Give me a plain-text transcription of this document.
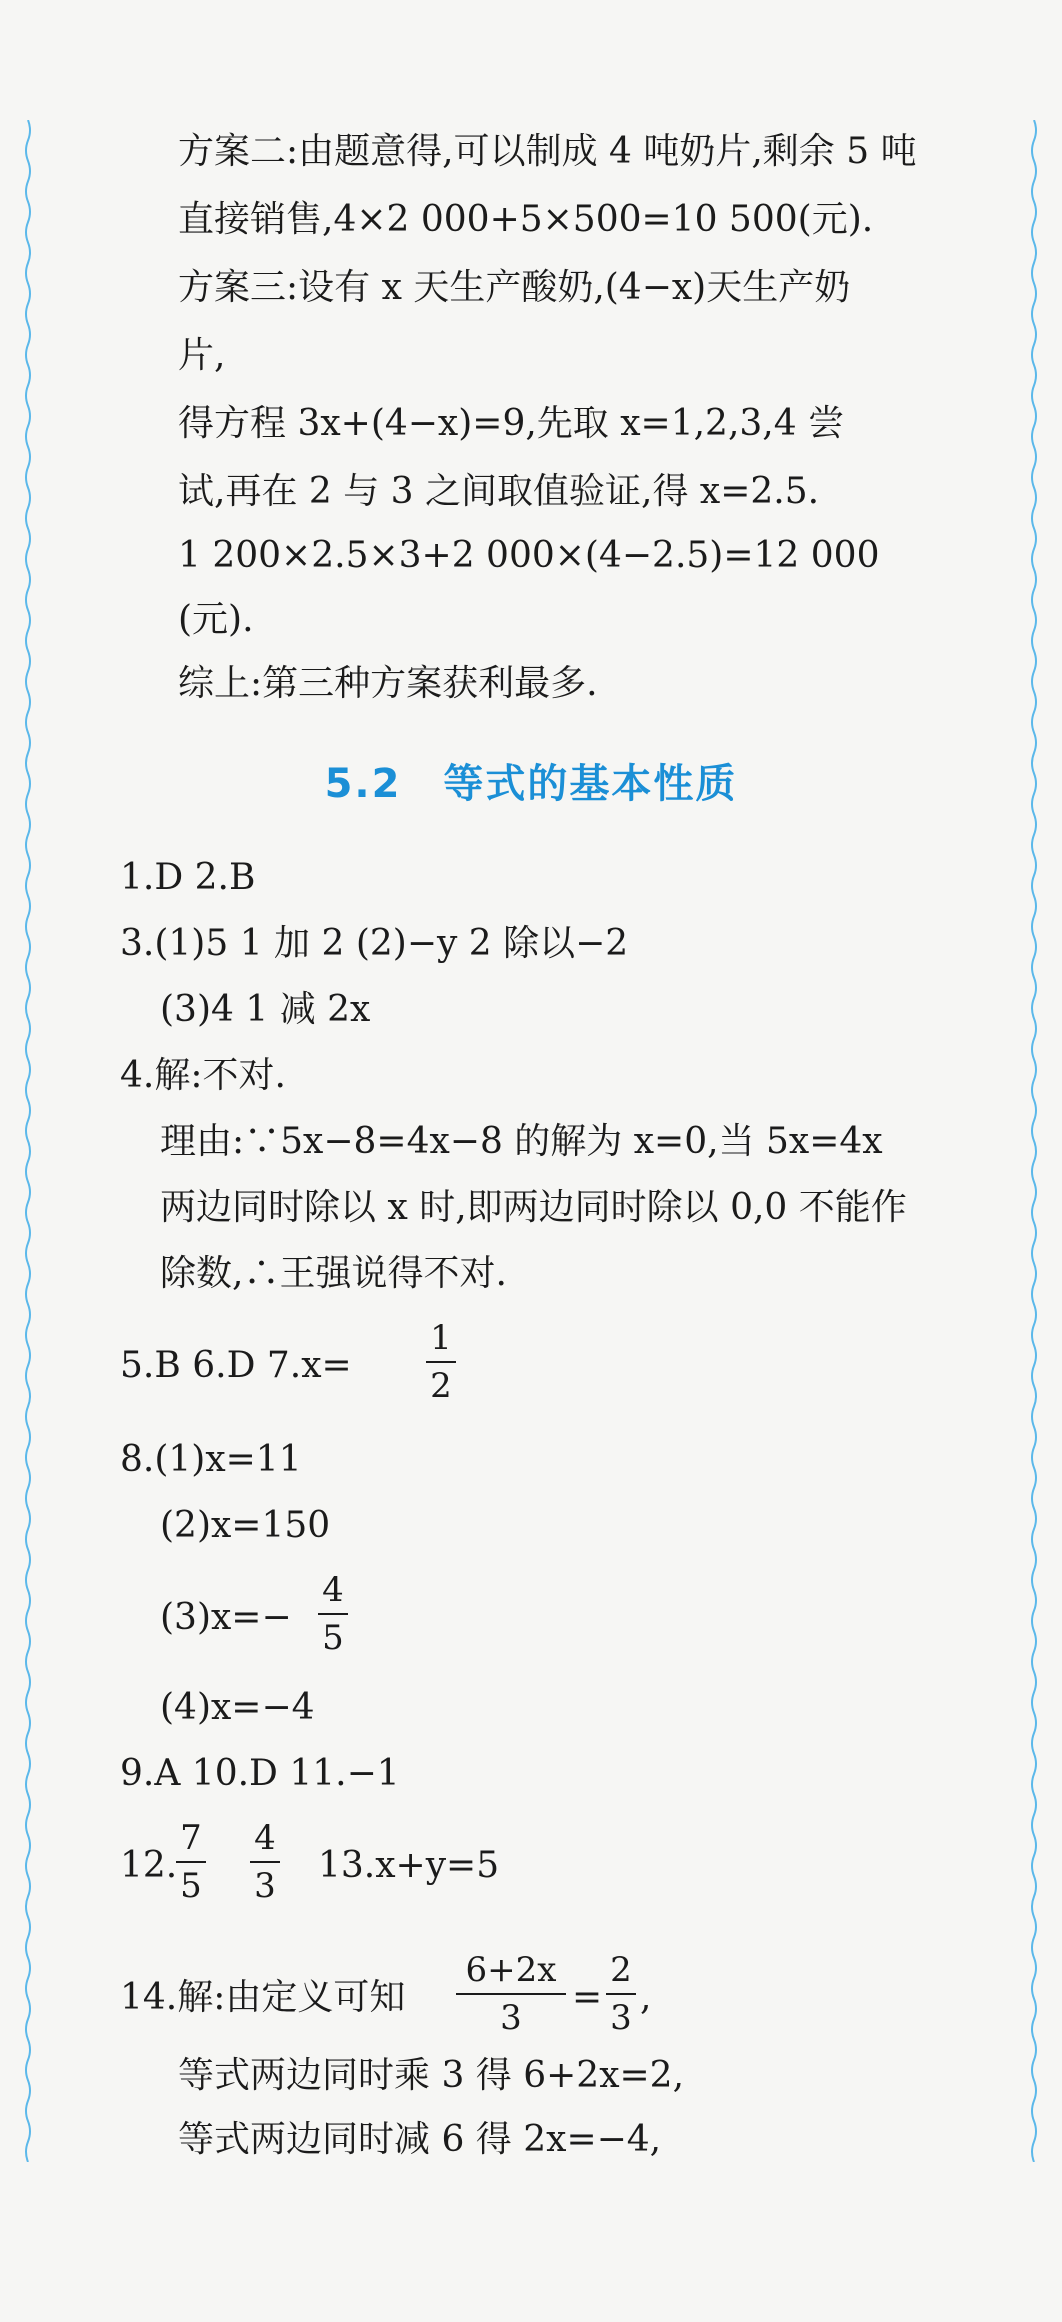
方案二:由题意得,可以制成 4 吨奶片,剩余 5 吨
直接销售,4×2 000+5×500=10 500(元).
方案三:设有 x 天生产酸奶,(4−x)天生产奶
片,
得方程 3x+(4−x)=9,先取 x=1,2,3,4 尝
试,再在 2 与 3 之间取值验证,得 x=2.5.
1 200×2.5×3+2 000×(4−2.5)=12 000
(元).
综上:第三种方案获利最多.
5.2 等式的基本性质
1.D 2.B
3.(1)5 1 加 2 (2)−y 2 除以−2
(3)4 1 减 2x
4.解:不对.
理由:∵5x−8=4x−8 的解为 x=0,当 5x=4x
两边同时除以 x 时,即两边同时除以 0,0 不能作
除数,∴王强说得不对.
5.B 6.D 7.x=
1
2
8.(1)x=11
(2)x=150
(3)x=−
4
5
(4)x=−4
9.A 10.D 11.−1
12.
7
5
4
3 13.x+y=5
14.解:由定义可知
6+2x
3	=
2
3 ,
等式两边同时乘 3 得 6+2x=2,
等式两边同时减 6 得 2x=−4,
